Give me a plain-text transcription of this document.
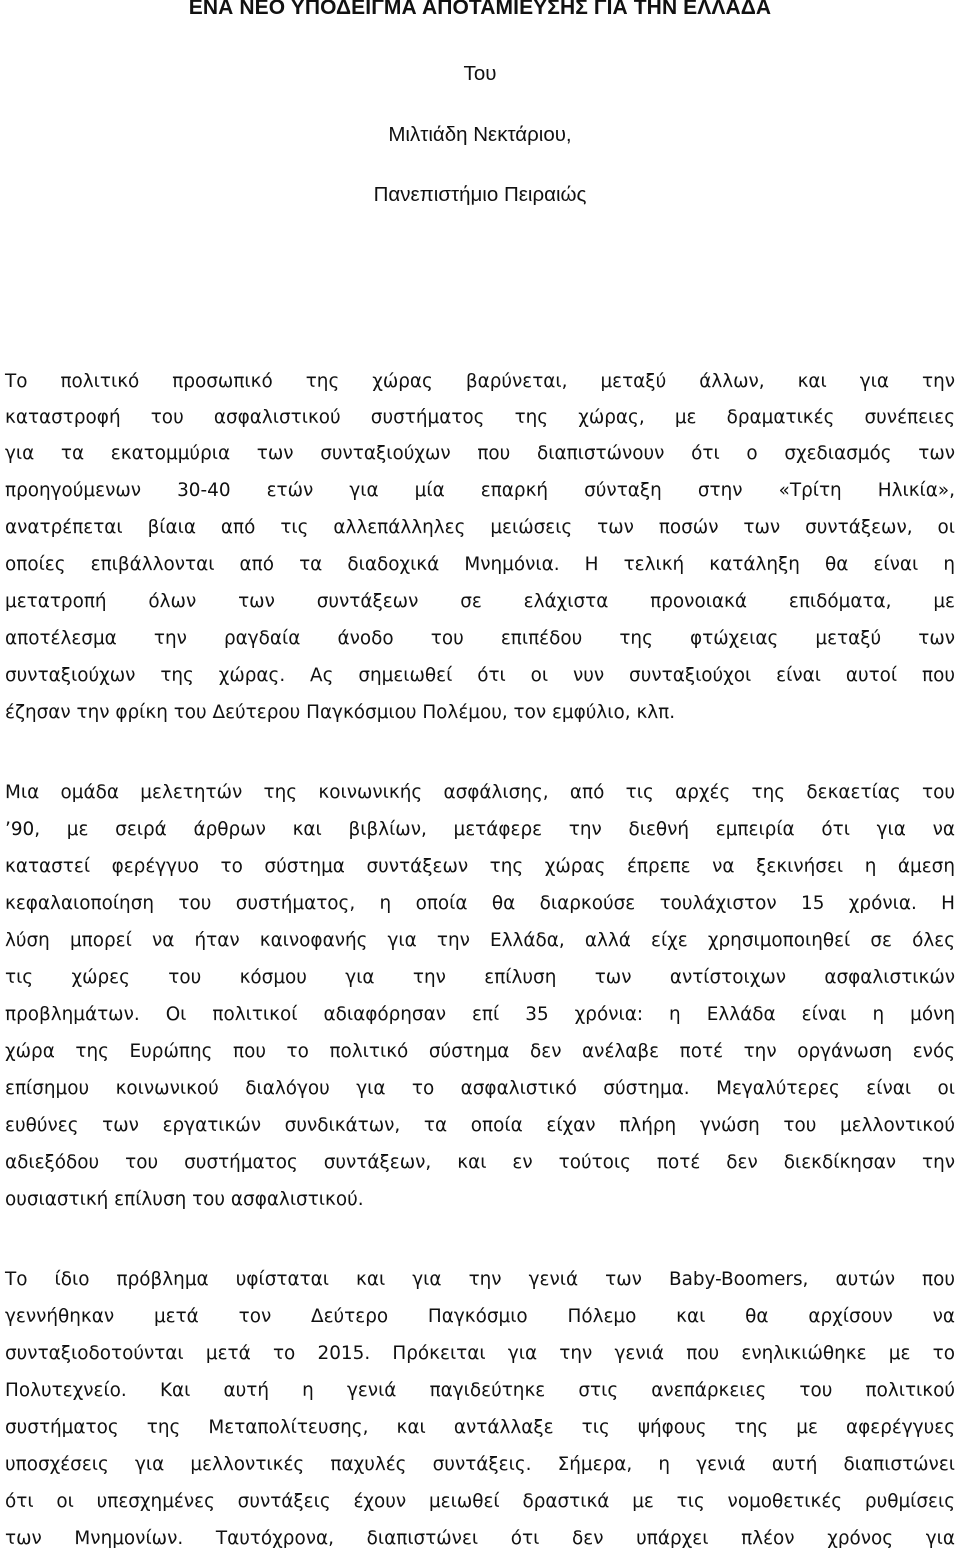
ΕΝΑ ΝΕΟ ΥΠΟΔΕΙΓΜΑ ΑΠΟΤΑΜΙΕΥΣΗΣ ΓΙΑ ΤΗΝ ΕΛΛΑΔΑ
Του
Μιλτιάδη Νεκτάριου,
Πανεπιστήμιο Πειραιώς
Το πολιτικό προσωπικό της χώρας βαρύνεται, μεταξύ άλλων, και για την
καταστροφή του ασφαλιστικού συστήματος της χώρας, με δραματικές συνέπειες
για τα εκατομμύρια των συνταξιούχων που διαπιστώνουν ότι ο σχεδιασμός των
προηγούμενων 30-40 ετών για μία επαρκή σύνταξη στην «Τρίτη Ηλικία»,
ανατρέπεται βίαια από τις αλλεπάλληλες μειώσεις των ποσών των συντάξεων, οι
οποίες επιβάλλονται από τα διαδοχικά Μνημόνια. Η τελική κατάληξη θα είναι η
μετατροπή όλων των συντάξεων σε ελάχιστα προνοιακά επιδόματα, με
αποτέλεσμα την ραγδαία άνοδο του επιπέδου της φτώχειας μεταξύ των
συνταξιούχων της χώρας. Ας σημειωθεί ότι οι νυν συνταξιούχοι είναι αυτοί που
έζησαν την φρίκη του Δεύτερου Παγκόσμιου Πολέμου, τον εμφύλιο, κλπ.
Μια ομάδα μελετητών της κοινωνικής ασφάλισης, από τις αρχές της δεκαετίας του
’90, με σειρά άρθρων και βιβλίων, μετάφερε την διεθνή εμπειρία ότι για να
καταστεί φερέγγυο το σύστημα συντάξεων της χώρας έπρεπε να ξεκινήσει η άμεση
κεφαλαιοποίηση του συστήματος, η οποία θα διαρκούσε τουλάχιστον 15 χρόνια. Η
λύση μπορεί να ήταν καινοφανής για την Ελλάδα, αλλά είχε χρησιμοποιηθεί σε όλες
τις χώρες του κόσμου για την επίλυση των αντίστοιχων ασφαλιστικών
προβλημάτων. Οι πολιτικοί αδιαφόρησαν επί 35 χρόνια: η Ελλάδα είναι η μόνη
χώρα της Ευρώπης που το πολιτικό σύστημα δεν ανέλαβε ποτέ την οργάνωση ενός
επίσημου κοινωνικού διαλόγου για το ασφαλιστικό σύστημα. Μεγαλύτερες είναι οι
ευθύνες των εργατικών συνδικάτων, τα οποία είχαν πλήρη γνώση του μελλοντικού
αδιεξόδου του συστήματος συντάξεων, και εν τούτοις ποτέ δεν διεκδίκησαν την
ουσιαστική επίλυση του ασφαλιστικού.
Το ίδιο πρόβλημα υφίσταται και για την γενιά των Baby-Boomers, αυτών που
γεννήθηκαν μετά τον Δεύτερο Παγκόσμιο Πόλεμο και θα αρχίσουν να
συνταξιοδοτούνται μετά το 2015. Πρόκειται για την γενιά που ενηλικιώθηκε με το
Πολυτεχνείο. Και αυτή η γενιά παγιδεύτηκε στις ανεπάρκειες του πολιτικού
συστήματος της Μεταπολίτευσης, και αντάλλαξε τις ψήφους της με αφερέγγυες
υποσχέσεις για μελλοντικές παχυλές συντάξεις. Σήμερα, η γενιά αυτή διαπιστώνει
ότι οι υπεσχημένες συντάξεις έχουν μειωθεί δραστικά με τις νομοθετικές ρυθμίσεις
των Μνημονίων. Ταυτόχρονα, διαπιστώνει ότι δεν υπάρχει πλέον χρόνος για
